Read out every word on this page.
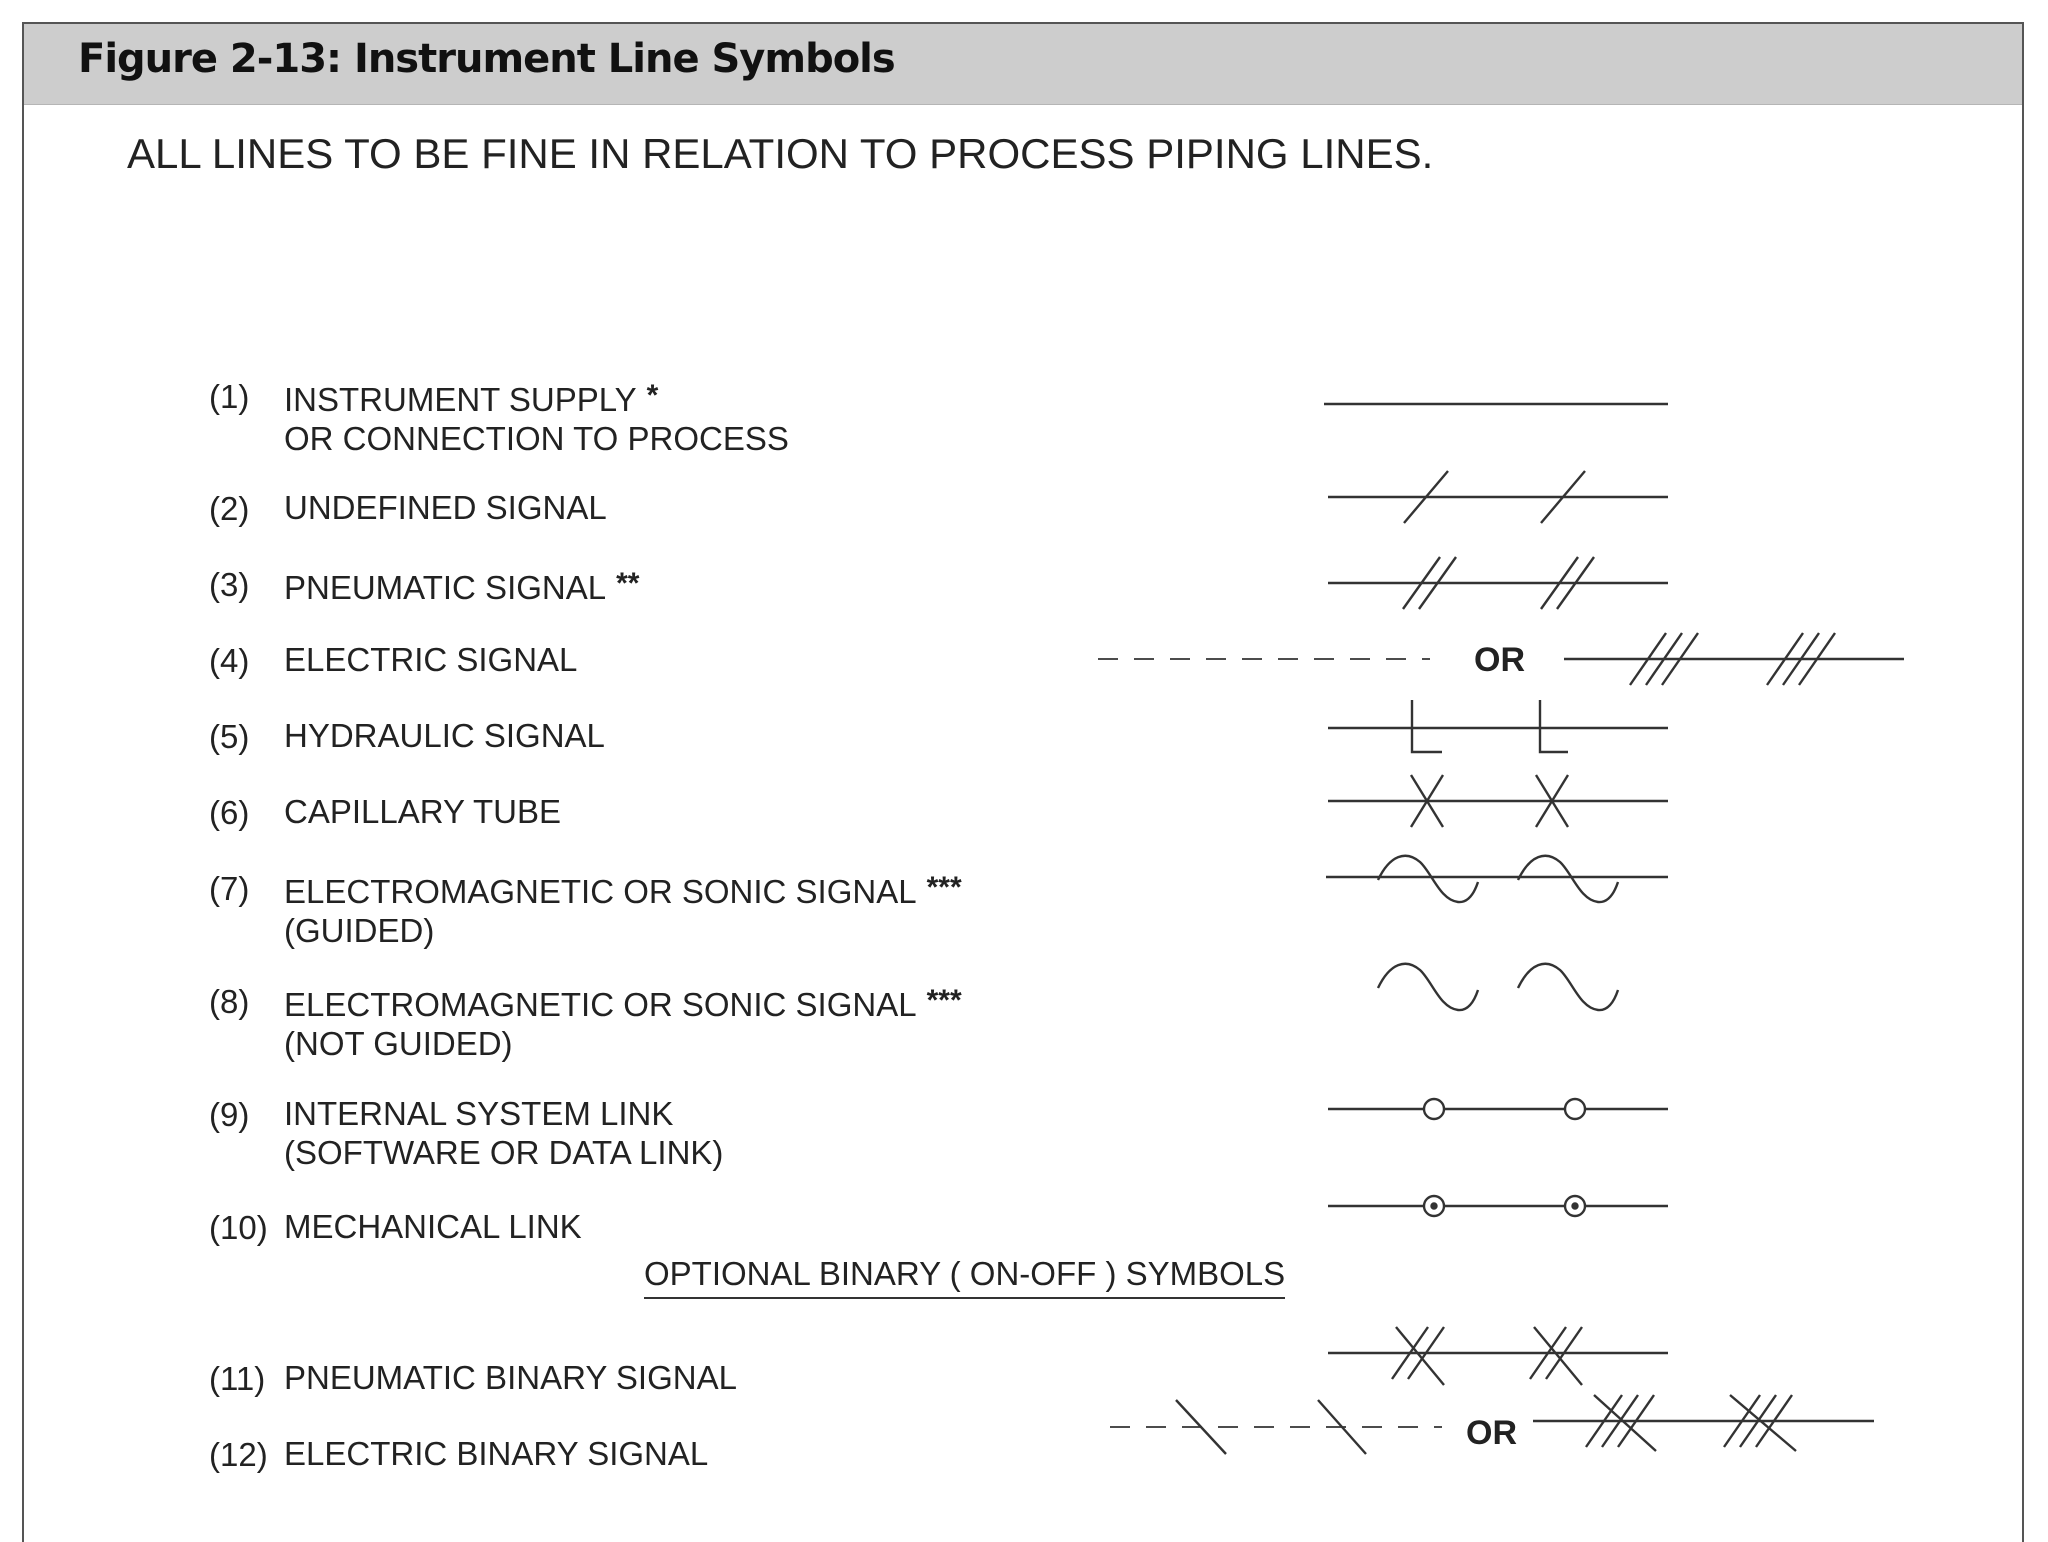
Figure 2-13: Instrument Line Symbols
ALL LINES TO BE FINE IN RELATION TO PROCESS PIPING LINES.
(1) INSTRUMENT SUPPLY *
OR CONNECTION TO PROCESS
(2) UNDEFINED SIGNAL
(3) PNEUMATIC SIGNAL **
(4) ELECTRIC SIGNAL
(5) HYDRAULIC SIGNAL
(6) CAPILLARY TUBE
(7) ELECTROMAGNETIC OR SONIC SIGNAL ***
(GUIDED)
(8) ELECTROMAGNETIC OR SONIC SIGNAL ***
(NOT GUIDED)
(9) INTERNAL SYSTEM LINK
(SOFTWARE OR DATA LINK)
(10) MECHANICAL LINK
OPTIONAL BINARY ( ON-OFF ) SYMBOLS
(11) PNEUMATIC BINARY SIGNAL
(12) ELECTRIC BINARY SIGNAL
OR
OR
